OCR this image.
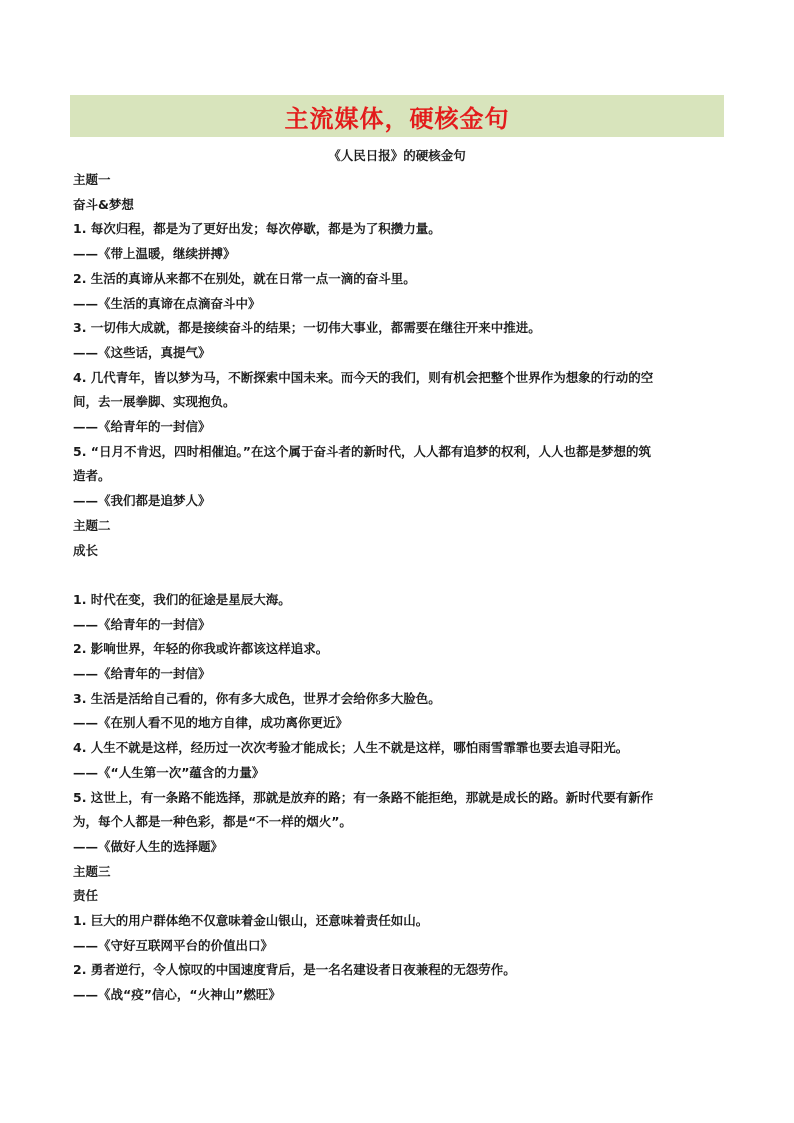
主流媒体，硬核金句
《人民日报》的硬核金句
主题一
奋斗&梦想
1. 每次归程，都是为了更好出发；每次停歇，都是为了积攒力量。
——《带上温暖，继续拼搏》
2. 生活的真谛从来都不在别处，就在日常一点一滴的奋斗里。
——《生活的真谛在点滴奋斗中》
3. 一切伟大成就，都是接续奋斗的结果；一切伟大事业，都需要在继往开来中推进。
——《这些话，真提气》
4. 几代青年，皆以梦为马，不断探索中国未来。而今天的我们，则有机会把整个世界作为想象的行动的空
间，去一展拳脚、实现抱负。
——《给青年的一封信》
5. “日月不肯迟，四时相催迫。”在这个属于奋斗者的新时代，人人都有追梦的权利，人人也都是梦想的筑
造者。
——《我们都是追梦人》
主题二
成长
1. 时代在变，我们的征途是星辰大海。
——《给青年的一封信》
2. 影响世界，年轻的你我或许都该这样追求。
——《给青年的一封信》
3. 生活是活给自己看的，你有多大成色，世界才会给你多大脸色。
——《在别人看不见的地方自律，成功离你更近》
4. 人生不就是这样，经历过一次次考验才能成长；人生不就是这样，哪怕雨雪霏霏也要去追寻阳光。
——《“人生第一次”蕴含的力量》
5. 这世上，有一条路不能选择，那就是放弃的路；有一条路不能拒绝，那就是成长的路。新时代要有新作
为，每个人都是一种色彩，都是“不一样的烟火”。
——《做好人生的选择题》
主题三
责任
1. 巨大的用户群体绝不仅意味着金山银山，还意味着责任如山。
——《守好互联网平台的价值出口》
2. 勇者逆行，令人惊叹的中国速度背后，是一名名建设者日夜兼程的无怨劳作。
——《战“疫”信心，“火神山”燃旺》
